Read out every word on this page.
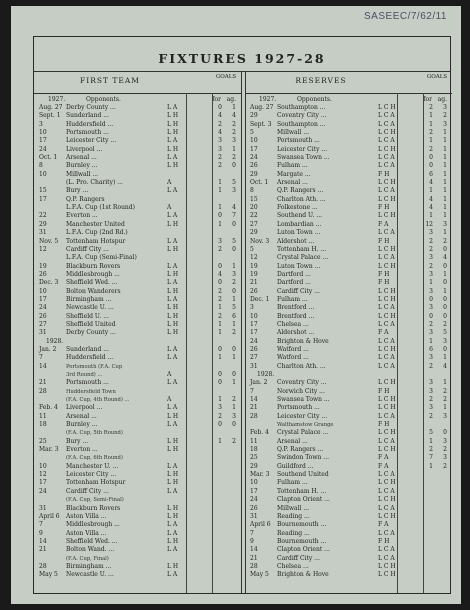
SASEEC/7/62/11
FIXTURES 1927-28
FIRST TEAM	GOALS
1927.	Opponents.	for ag.
Aug. 27 Derby County ...	L A	0 1
Sept. 1 Sunderland ...	L H	4 4
3	Huddersfield ...	L H	2 2
10	Portsmouth ...	L H	4 2
17	Leicester City ...	L A	3 3
24	Liverpool ...	L H	3 1
Oct. 1 Arsenal ...	L A	2 2
8	Burnley ...	L H	2 0
10	Millwall ...
(L. Pro. Charity) ...	A	1 5
15	Bury ...	L A	1 3
17	Q.P. Rangers
L.F.A. Cup (1st Round)	A	1 4
22	Everton ...	L A	0 7
29	Manchester United	L H	1 0
31	L.F.A. Cup (2nd Rd.)
Nov. 5 Tottenham Hotspur	L A	3 5
12	Cardiff City ...	L H	2 0
L.F.A. Cup (Semi-Final)
19	Blackburn Rovers	L A	0 1
26	Middlesbrough ...	L H	4 3
Dec. 3 Sheffield Wed. ...	L A	0 2
10	Bolton Wanderers	L H	2 0
17	Birmingham ...	L A	2 1
24	Newcastle U. ...	L H	1 5
26	Sheffield U. ...	L H	2 6
27	Sheffield United	L H	1 1
31	Derby County ...	L H	1 2
1928.
Jan. 2 Sunderland ...	L A	0 0
7	Huddersfield ...	L A	1 1
14	Portsmouth (F.A. Cup
3rd Round) ...	A	0 0
21	Portsmouth ...	L A	0 1
28	Huddersfield Town
(F.A. Cup, 4th Round) ...	A	1 2
Feb. 4 Liverpool ...	L A	3 1
11	Arsenal ...	L H	2 3
18	Burnley ...	L A	0 0
(F.A. Cup, 5th Round)
25	Bury ...	L H	1 2
Mar. 3 Everton ...	L H
(F.A. Cup, 6th Round)
10	Manchester U. ...	L A
12	Leicester City ...	L H
17	Tottenham Hotspur	L H
24	Cardiff City ...	L A
(F.A. Cup, Semi-Final)
31	Blackburn Rovers	L H
April 6 Aston Villa ...	L H
7	Middlesbrough ...	L A
9	Aston Villa ...	L A
14	Sheffield Wed. ...	L H
21	Bolton Wand. ...	L A
(F.A. Cup, Final)
28	Birmingham ...	L H
May 5 Newcastle U. ...	L A
RESERVES	GOALS
1927.	Opponents.	for ag.
Aug. 27 Southampton ...	L C H	2 3
29	Coventry City ...	L C A	1 2
Sept. 3 Southampton ...	L C A	1 3
5	Millwall ...	L C H	2 1
10	Portsmouth ...	L C A	1 1
17	Leicester City ...	L C H	2 1
24	Swansea Town ...	L C A	0 1
26	Fulham ...	L C A	0 1
29	Margate ...	F H	6 1
Oct. 1 Arsenal ...	L C H	4 1
8	Q.P. Rangers ...	L C A	1 1
15	Charlton Ath. ...	L C H	4 1
20	Folkestone ...	F H	4 1
22	Southend U. ...	L C H	1 1
27	Lombardian ...	F A	12 3
29	Luton Town ...	L C A	3 1
Nov. 3 Aldershot ...	F H	2 2
5	Tottenham H. ...	L C H	2 0
12	Crystal Palace ...	L C A	3 4
19	Luton Town ...	L C H	2 0
19	Dartford ...	F H	3 1
21	Dartford ...	F H	1 0
26	Cardiff City ...	L C H	3 1
Dec. 1 Fulham ...	L C H	0 0
3	Brentford ...	L C A	3 0
10	Brentford ...	L C H	0 0
17	Chelsea ...	L C A	2 2
17	Aldershot ...	F A	3 5
24	Brighton & Hove	L C A	1 3
26	Watford ...	L C H	6 0
27	Watford ...	L C A	3 1
31	Charlton Ath. ...	L C A	2 4
1928.
Jan. 2 Coventry City ...	L C H	3 1
7	Norwich City ...	F H	3 2
14	Swansea Town ...	L C H	2 2
21	Portsmouth ...	L C H	3 1
28	Leicester City ...	L C A	2 3
Walthamstow Grange	F H
Feb. 4 Crystal Palace ...	L C H	5 0
11	Arsenal ...	L C A	1 3
18	Q.P. Rangers ...	L C H	2 2
25	Swindon Town ...	F A	7 3
29	Guildford ...	F A	1 2
Mar. 3 Southend United	L C A
10	Fulham ...	L C H
17	Tottenham H. ...	L C A
24	Clapton Orient ...	L C H
26	Millwall ...	L C A
31	Reading ...	L C H
April 6 Bournemouth ...	F A
7	Reading ...	L C A
9	Bournemouth ...	F H
14	Clapton Orient ...	L C A
21	Cardiff City ...	L C A
28	Chelsea ...	L C H
May 5 Brighton & Hove	L C H
